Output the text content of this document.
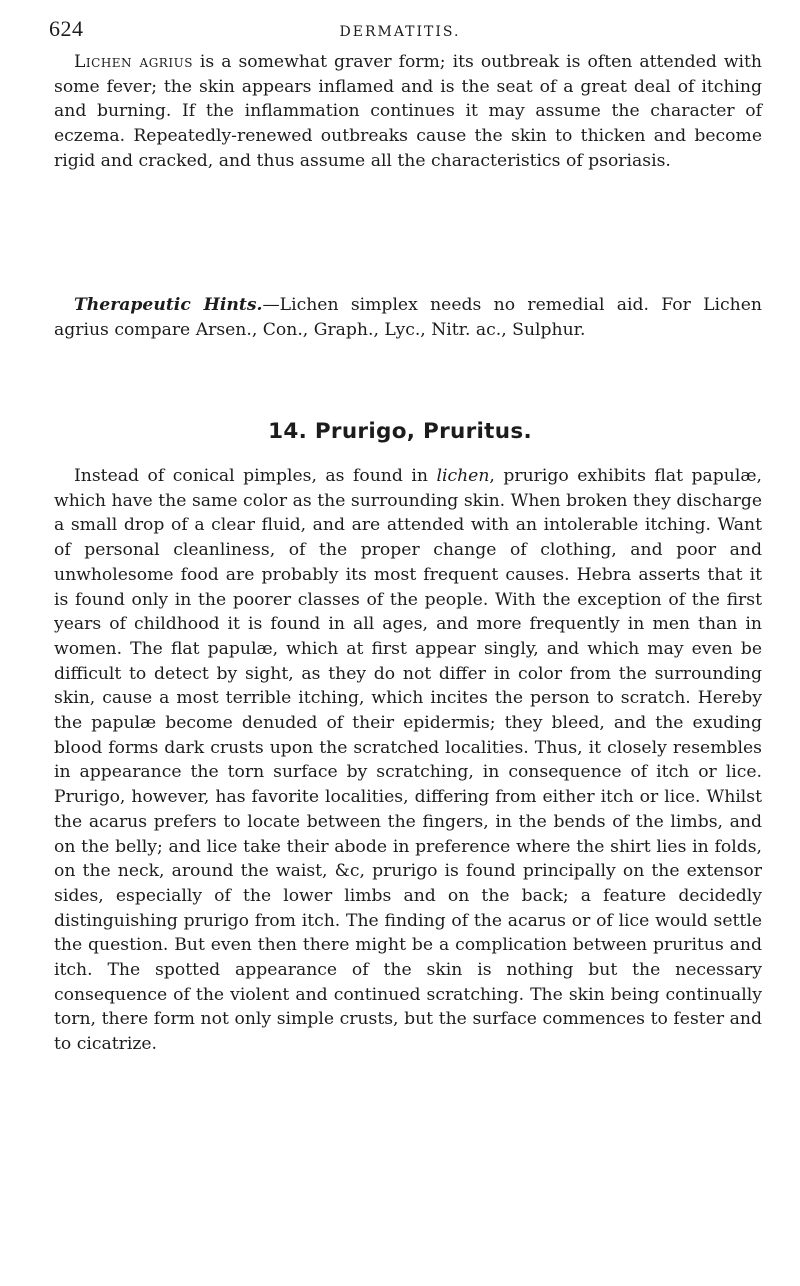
624	DERMATITIS.

Lichen agrius is a somewhat graver form; its outbreak is often attended with some fever; the skin appears inflamed and is the seat of a great deal of itching and burning. If the inflammation continues it may assume the character of eczema. Repeatedly-renewed outbreaks cause the skin to thicken and become rigid and cracked, and thus assume all the characteristics of psoriasis.

Therapeutic Hints.—Lichen simplex needs no remedial aid. For Lichen agrius compare Arsen., Con., Graph., Lyc., Nitr. ac., Sulphur.

14. Prurigo, Pruritus.

Instead of conical pimples, as found in lichen, prurigo exhibits flat papulæ, which have the same color as the surrounding skin. When broken they discharge a small drop of a clear fluid, and are attended with an intolerable itching. Want of personal cleanliness, of the proper change of clothing, and poor and unwholesome food are probably its most frequent causes. Hebra asserts that it is found only in the poorer classes of the people. With the exception of the first years of childhood it is found in all ages, and more frequently in men than in women. The flat papulæ, which at first appear singly, and which may even be difficult to detect by sight, as they do not differ in color from the surrounding skin, cause a most terrible itching, which incites the person to scratch. Hereby the papulæ become denuded of their epidermis; they bleed, and the exuding blood forms dark crusts upon the scratched localities. Thus, it closely resembles in appearance the torn surface by scratching, in consequence of itch or lice. Prurigo, however, has favorite localities, differing from either itch or lice. Whilst the acarus prefers to locate between the fingers, in the bends of the limbs, and on the belly; and lice take their abode in preference where the shirt lies in folds, on the neck, around the waist, &c, prurigo is found principally on the extensor sides, especially of the lower limbs and on the back; a feature decidedly distinguishing prurigo from itch. The finding of the acarus or of lice would settle the question. But even then there might be a complication between pruritus and itch. The spotted appearance of the skin is nothing but the necessary consequence of the violent and continued scratching. The skin being continually torn, there form not only simple crusts, but the surface commences to fester and to cicatrize.
